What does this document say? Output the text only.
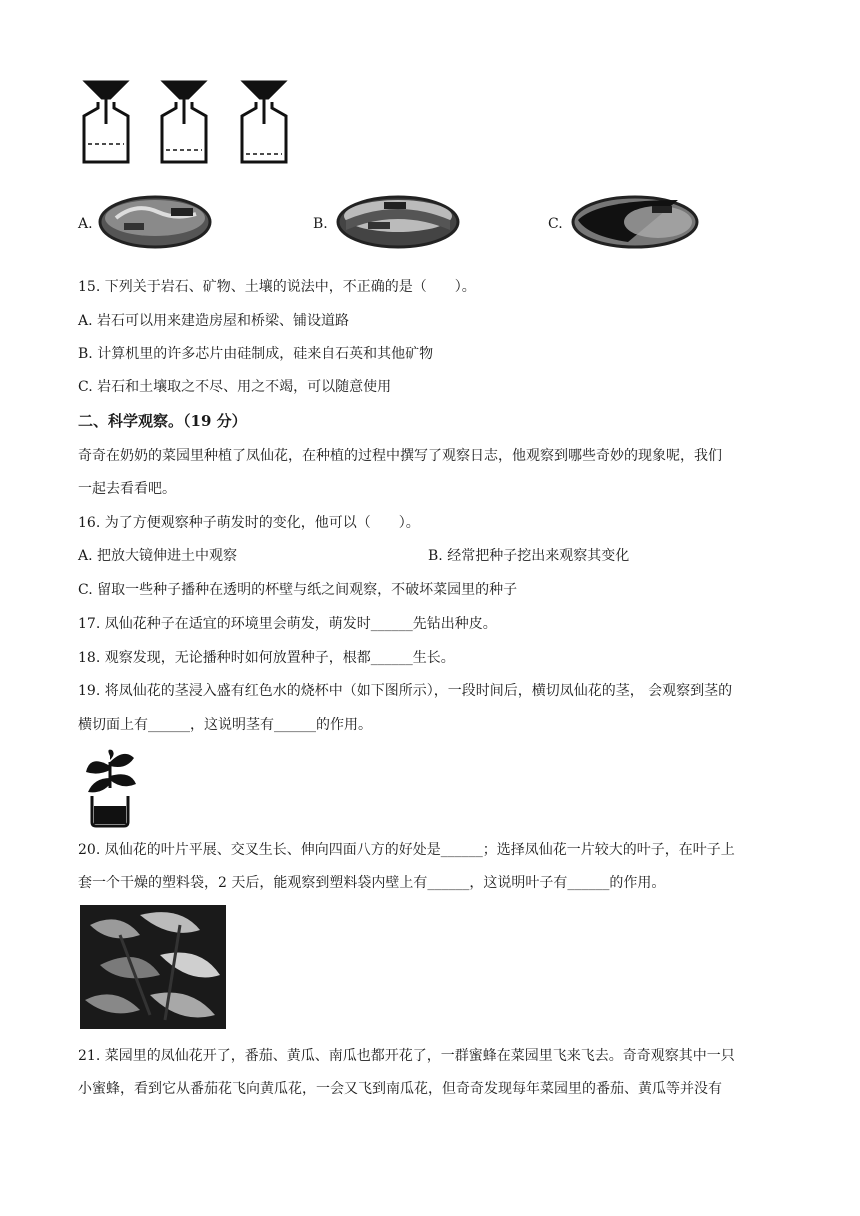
A.	B.	C.
15. 下列关于岩石、矿物、土壤的说法中，不正确的是（　　）。
A. 岩石可以用来建造房屋和桥梁、铺设道路
B. 计算机里的许多芯片由硅制成，硅来自石英和其他矿物
C. 岩石和土壤取之不尽、用之不竭，可以随意使用
二、科学观察。（19 分）
奇奇在奶奶的菜园里种植了凤仙花，在种植的过程中撰写了观察日志，他观察到哪些奇妙的现象呢，我们
一起去看看吧。
16. 为了方便观察种子萌发时的变化，他可以（　　）。
A. 把放大镜伸进土中观察	B. 经常把种子挖出来观察其变化
C. 留取一些种子播种在透明的杯壁与纸之间观察，不破坏菜园里的种子
17. 凤仙花种子在适宜的环境里会萌发，萌发时______先钻出种皮。
18. 观察发现，无论播种时如何放置种子，根都______生长。
19. 将凤仙花的茎浸入盛有红色水的烧杯中（如下图所示），一段时间后，横切凤仙花的茎， 会观察到茎的
横切面上有______，这说明茎有______的作用。
20. 凤仙花的叶片平展、交叉生长、伸向四面八方的好处是______；选择凤仙花一片较大的叶子，在叶子上
套一个干燥的塑料袋，2 天后，能观察到塑料袋内壁上有______，这说明叶子有______的作用。
21. 菜园里的凤仙花开了，番茄、黄瓜、南瓜也都开花了，一群蜜蜂在菜园里飞来飞去。奇奇观察其中一只
小蜜蜂，看到它从番茄花飞向黄瓜花，一会又飞到南瓜花，但奇奇发现每年菜园里的番茄、黄瓜等并没有
